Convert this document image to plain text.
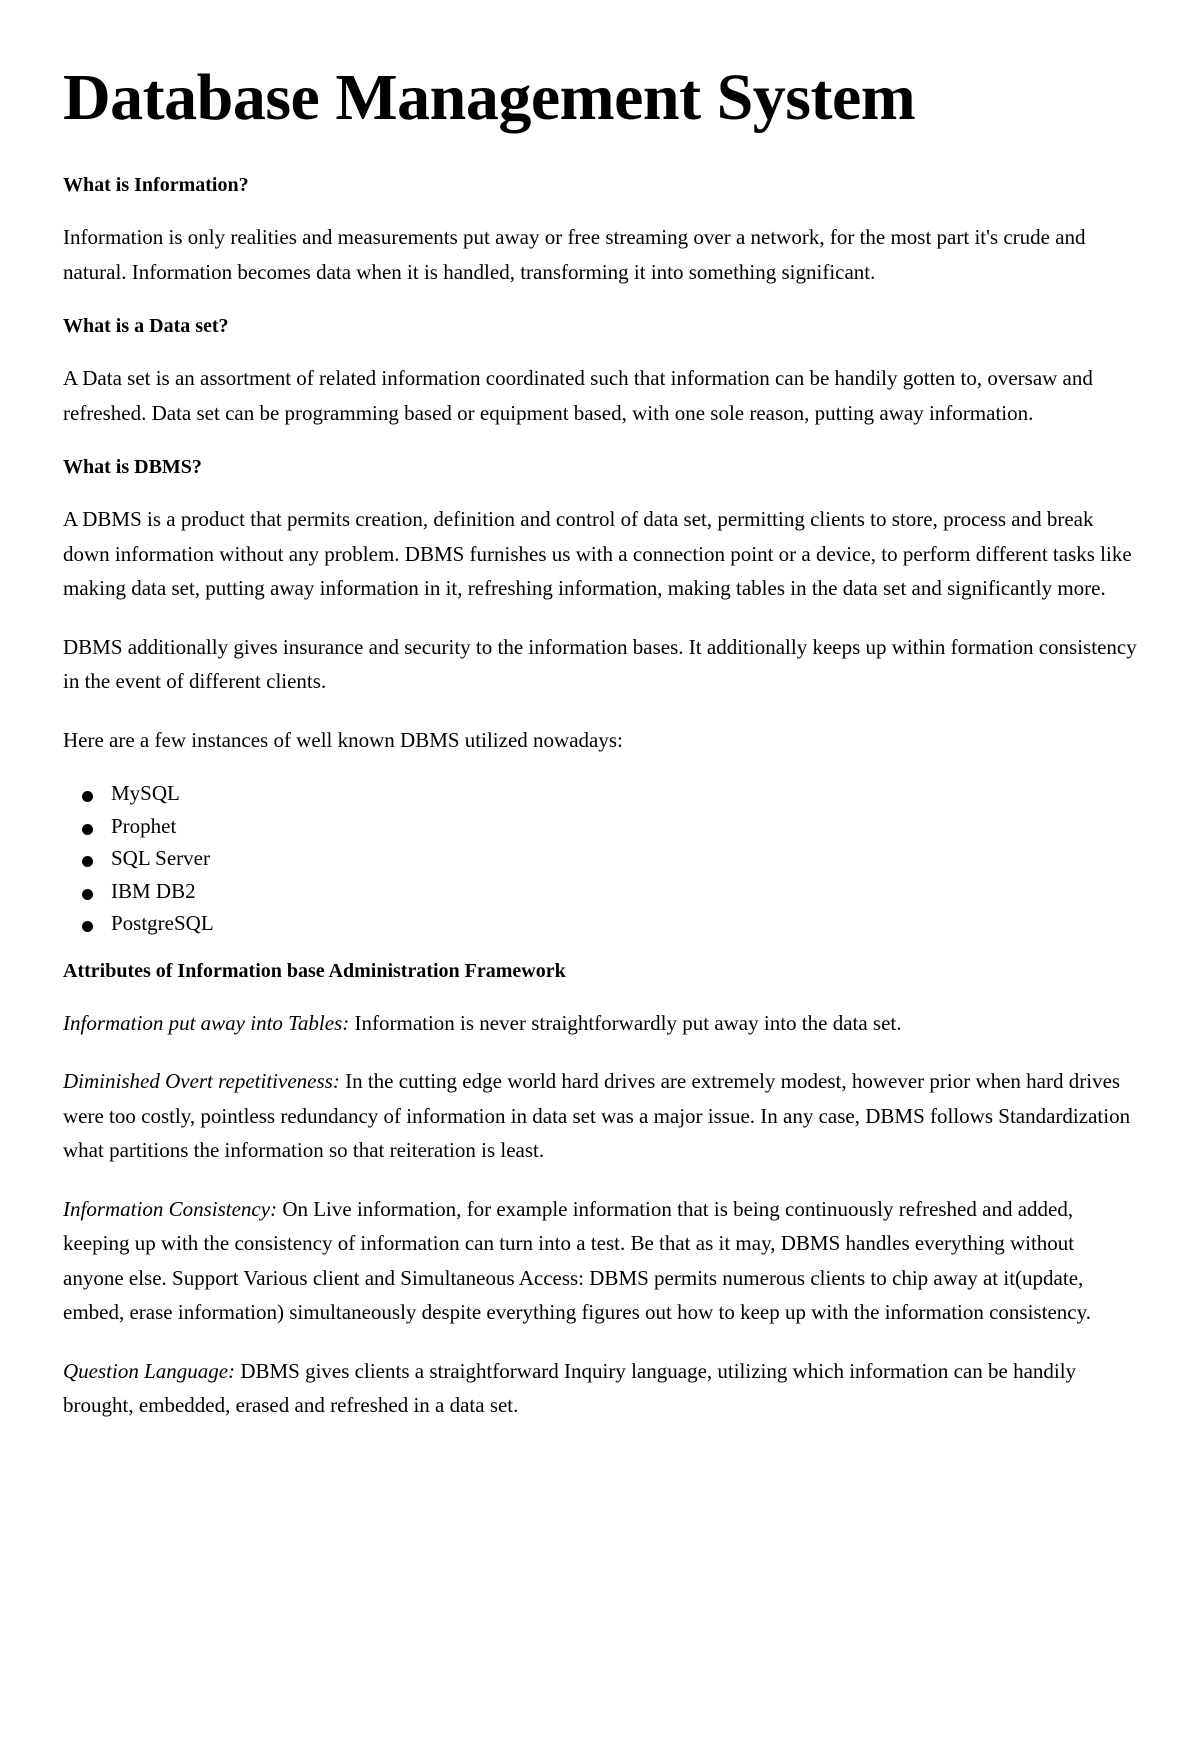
Database Management System
What is Information?

Information is only realities and measurements put away or free streaming over a network, for the most part it's crude and natural. Information becomes data when it is handled, transforming it into something significant.

What is a Data set?

A Data set is an assortment of related information coordinated such that information can be handily gotten to, oversaw and refreshed. Data set can be programming based or equipment based, with one sole reason, putting away information.

What is DBMS?

A DBMS is a product that permits creation, definition and control of data set, permitting clients to store, process and break down information without any problem. DBMS furnishes us with a connection point or a device, to perform different tasks like making data set, putting away information in it, refreshing information, making tables in the data set and significantly more.

DBMS additionally gives insurance and security to the information bases. It additionally keeps up within formation consistency in the event of different clients.

Here are a few instances of well known DBMS utilized nowadays:

MySQL
Prophet
SQL Server
IBM DB2
PostgreSQL
Attributes of Information base Administration Framework

Information put away into Tables: Information is never straightforwardly put away into the data set.

Diminished Overt repetitiveness: In the cutting edge world hard drives are extremely modest, however prior when hard drives were too costly, pointless redundancy of information in data set was a major issue. In any case, DBMS follows Standardization what partitions the information so that reiteration is least.

Information Consistency: On Live information, for example information that is being continuously refreshed and added, keeping up with the consistency of information can turn into a test. Be that as it may, DBMS handles everything without anyone else. Support Various client and Simultaneous Access: DBMS permits numerous clients to chip away at it(update, embed, erase information) simultaneously despite everything figures out how to keep up with the information consistency.

Question Language: DBMS gives clients a straightforward Inquiry language, utilizing which information can be handily brought, embedded, erased and refreshed in a data set.
